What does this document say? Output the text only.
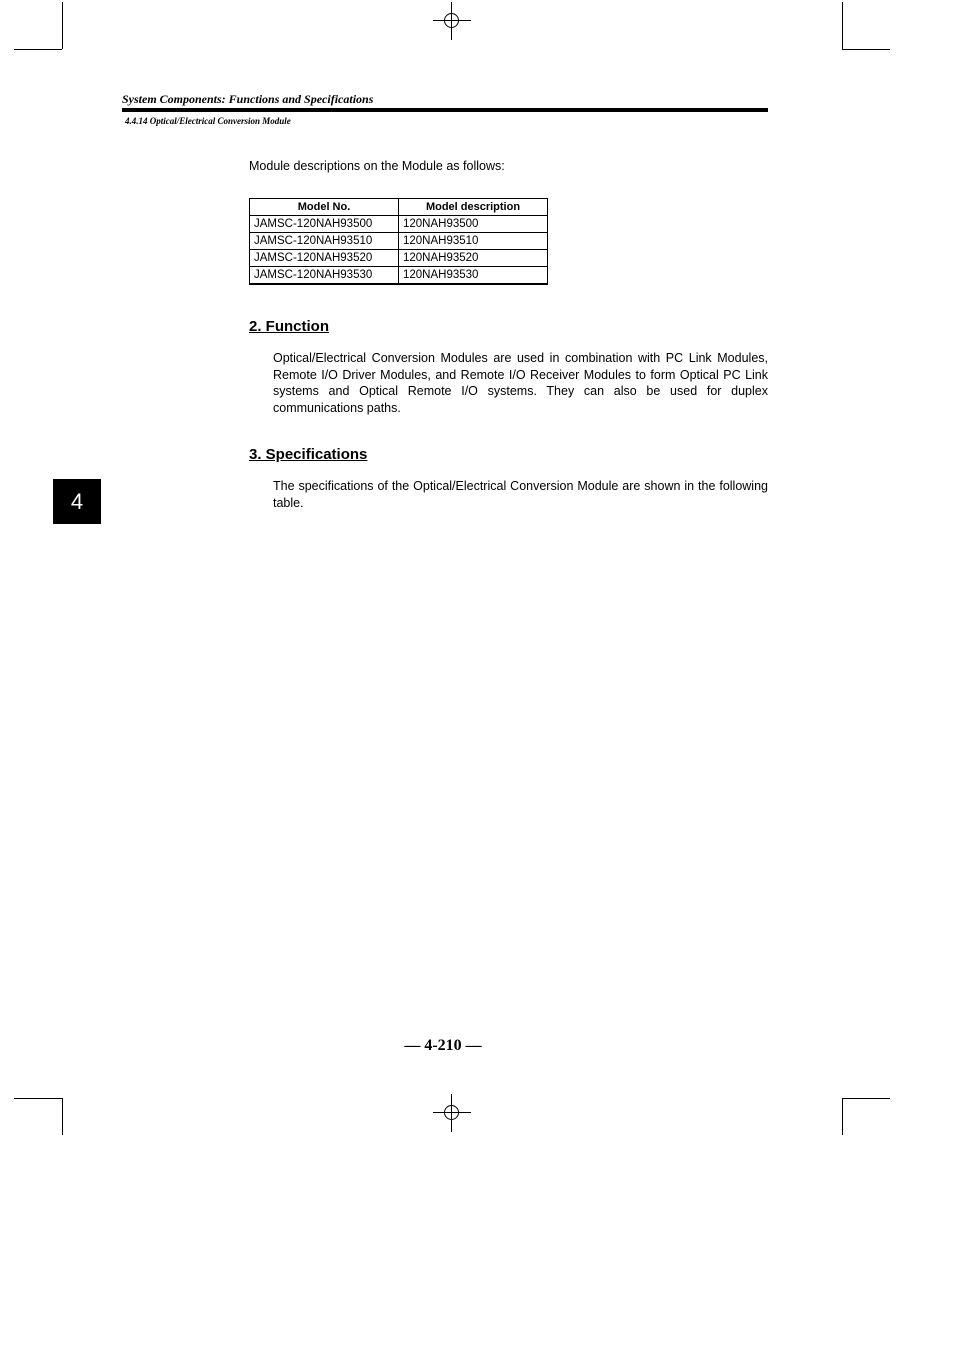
System Components: Functions and Specifications
4.4.14 Optical/Electrical Conversion Module
Module descriptions on the Module as follows:
Model No.	Model description
JAMSC-120NAH93500	120NAH93500
JAMSC-120NAH93510	120NAH93510
JAMSC-120NAH93520	120NAH93520
JAMSC-120NAH93530	120NAH93530
2. Function
Optical/Electrical Conversion Modules are used in combination with PC Link Modules, Remote I/O Driver Modules, and Remote I/O Receiver Modules to form Optical PC Link systems and Optical Remote I/O systems. They can also be used for duplex communications paths.
3. Specifications
The specifications of the Optical/Electrical Conversion Module are shown in the following table.
4
— 4-210 —
